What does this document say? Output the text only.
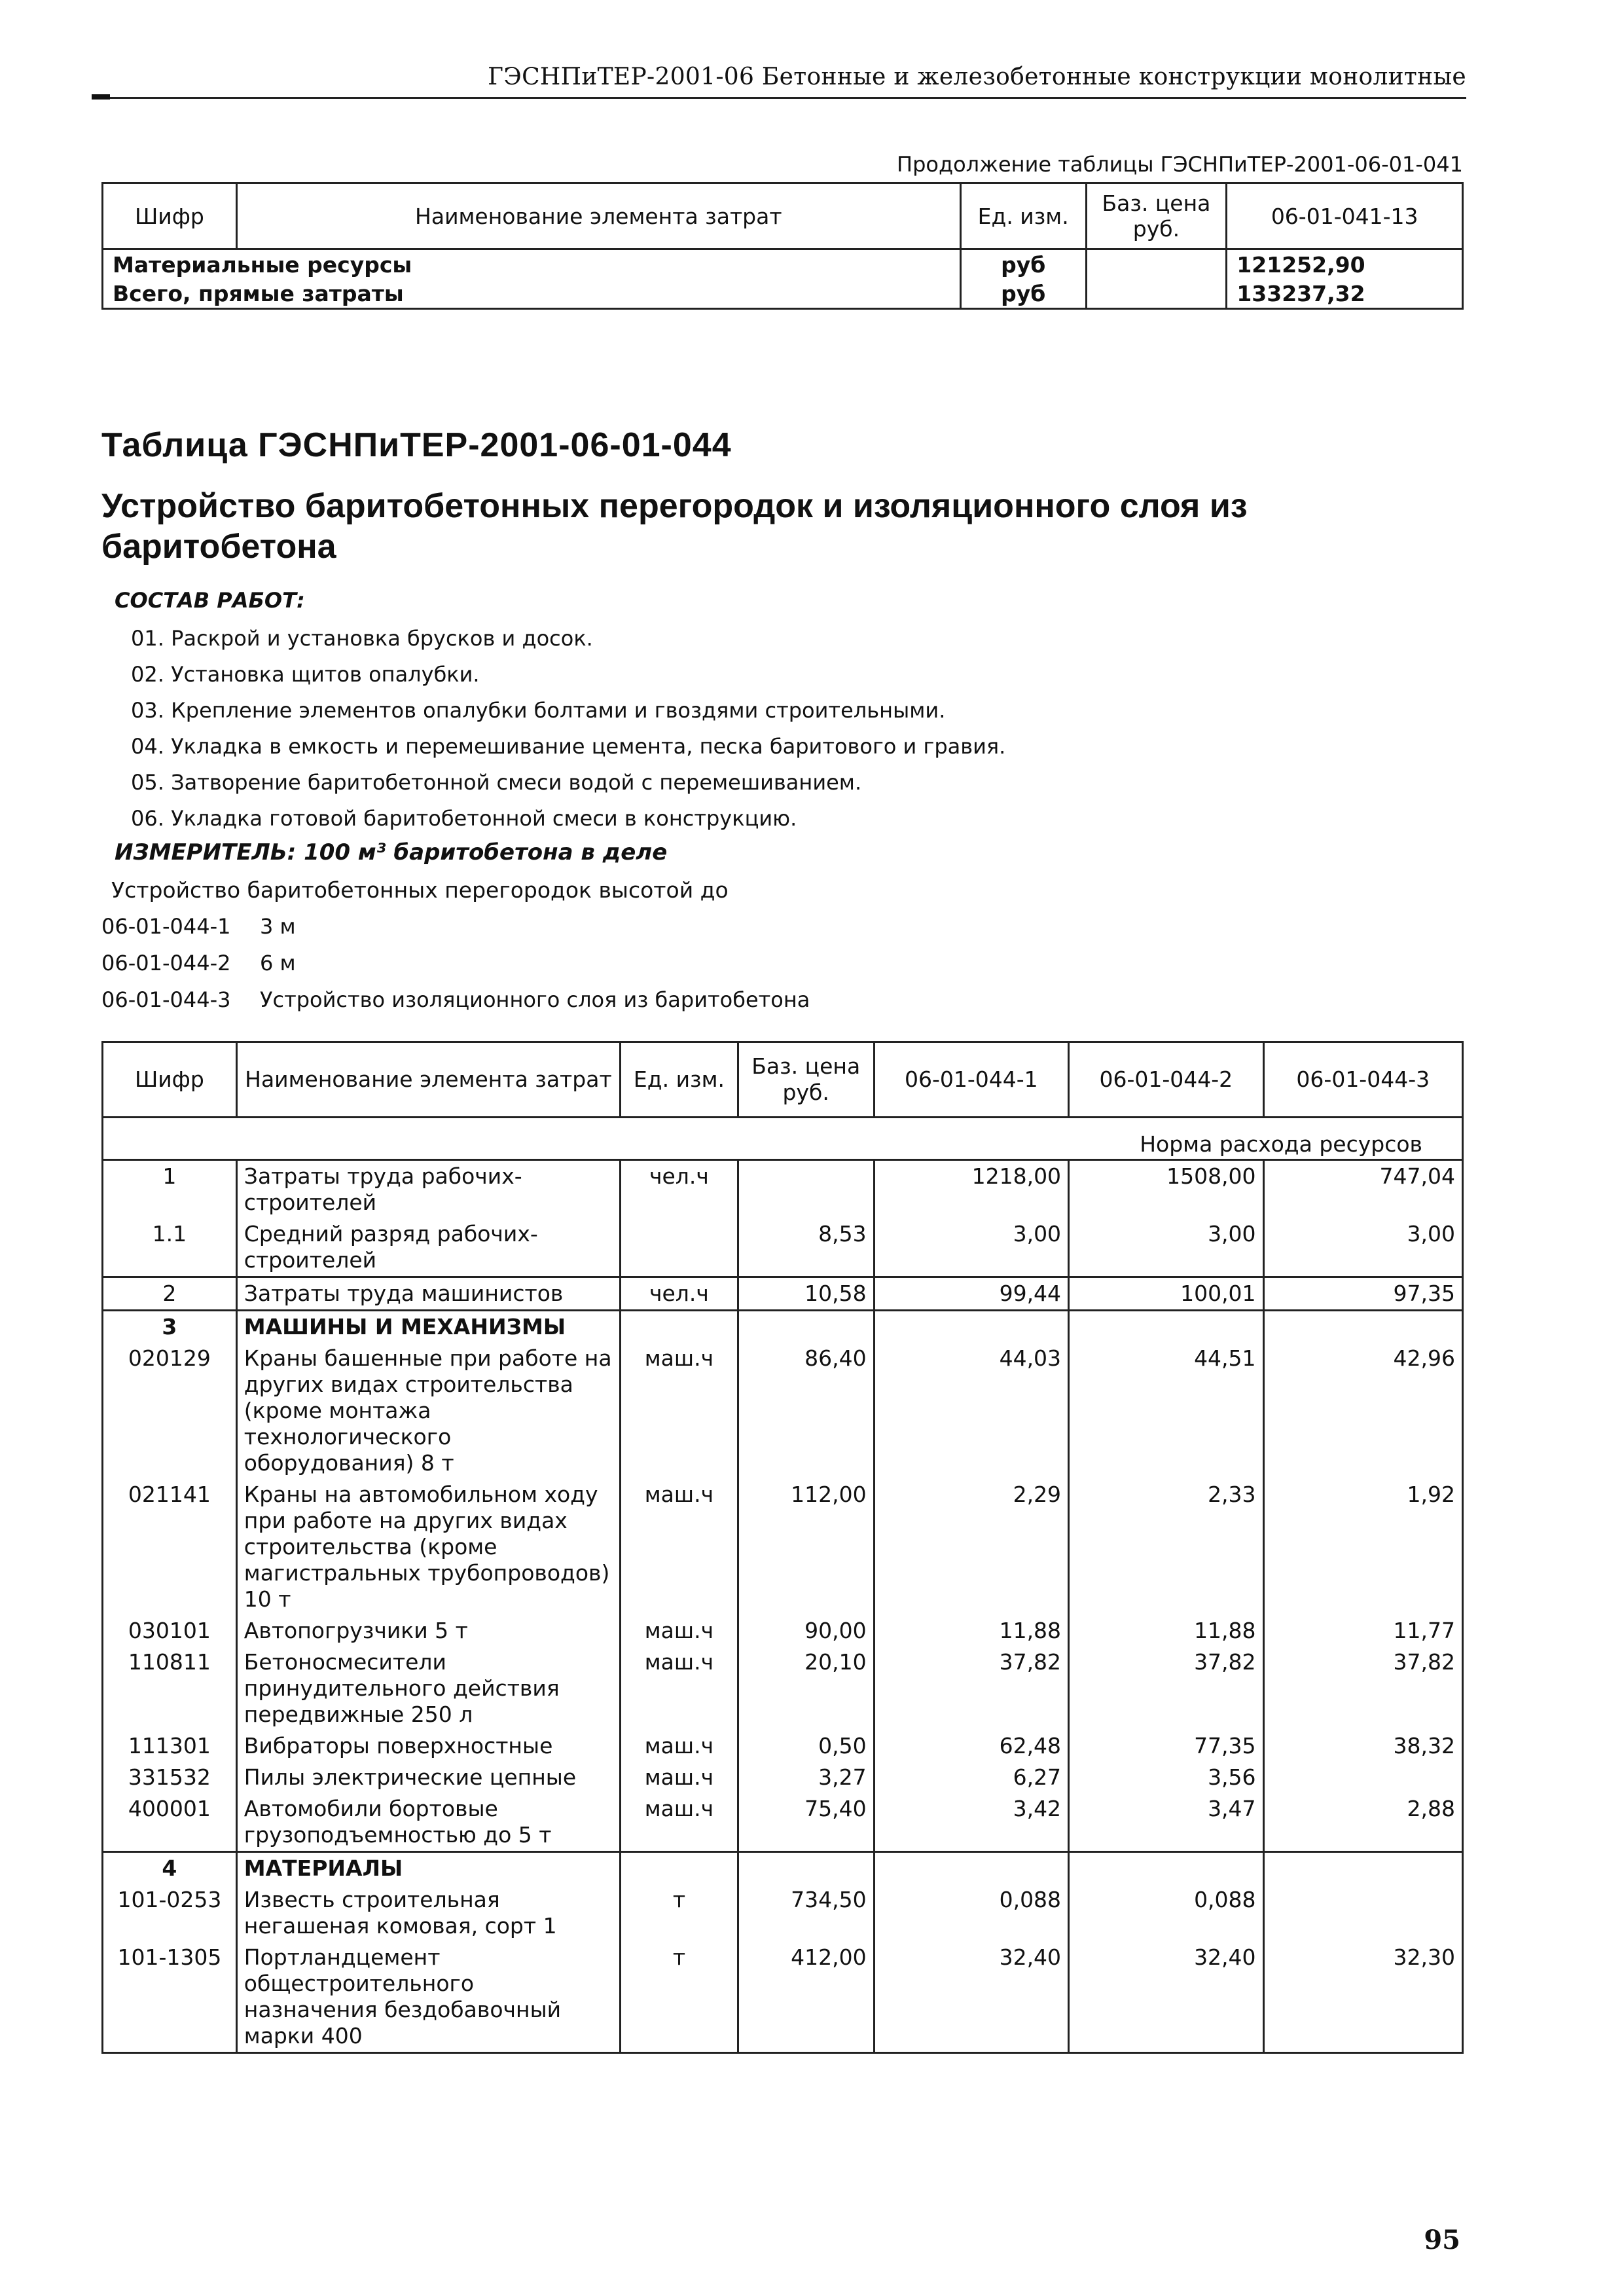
ГЭСНПиТЕР-2001-06 Бетонные и железобетонные конструкции монолитные
Продолжение таблицы ГЭСНПиТЕР-2001-06-01-041
Шифр	Наименование элемента затрат	Ед. изм.	Баз. цена руб.	06-01-041-13
Материальные ресурсы		руб		121252,90
Всего, прямые затраты		руб		133237,32
Таблица ГЭСНПиТЕР-2001-06-01-044
Устройство баритобетонных перегородок и изоляционного слоя из баритобетона
СОСТАВ РАБОТ:
01. Раскрой и установка брусков и досок.
02. Установка щитов опалубки.
03. Крепление элементов опалубки болтами и гвоздями строительными.
04. Укладка в емкость и перемешивание цемента, песка баритового и гравия.
05. Затворение баритобетонной смеси водой с перемешиванием.
06. Укладка готовой баритобетонной смеси в конструкцию.
ИЗМЕРИТЕЛЬ: 100 м³ баритобетона в деле
Устройство баритобетонных перегородок высотой до
06-01-044-1 3 м
06-01-044-2 6 м
06-01-044-3 Устройство изоляционного слоя из баритобетона
Шифр	Наименование элемента затрат	Ед. изм.	Баз. цена руб.	06-01-044-1	06-01-044-2	06-01-044-3
Норма расхода ресурсов						
1	Затраты труда рабочих-строителей	чел.ч		1218,00	1508,00	747,04
1.1	Средний разряд рабочих-строителей		8,53	3,00	3,00	3,00
2	Затраты труда машинистов	чел.ч	10,58	99,44	100,01	97,35
3	МАШИНЫ И МЕХАНИЗМЫ					
020129	Краны башенные при работе на других видах строительства (кроме монтажа технологического оборудования) 8 т	маш.ч	86,40	44,03	44,51	42,96
021141	Краны на автомобильном ходу при работе на других видах строительства (кроме магистральных трубопроводов) 10 т	маш.ч	112,00	2,29	2,33	1,92
030101	Автопогрузчики 5 т	маш.ч	90,00	11,88	11,88	11,77
110811	Бетоносмесители принудительного действия передвижные 250 л	маш.ч	20,10	37,82	37,82	37,82
111301	Вибраторы поверхностные	маш.ч	0,50	62,48	77,35	38,32
331532	Пилы электрические цепные	маш.ч	3,27	6,27	3,56	
400001	Автомобили бортовые грузоподъемностью до 5 т	маш.ч	75,40	3,42	3,47	2,88
4	МАТЕРИАЛЫ					
101-0253	Известь строительная негашеная комовая, сорт 1	т	734,50	0,088	0,088	
101-1305	Портландцемент общестроительного назначения бездобавочный марки 400	т	412,00	32,40	32,40	32,30
95
